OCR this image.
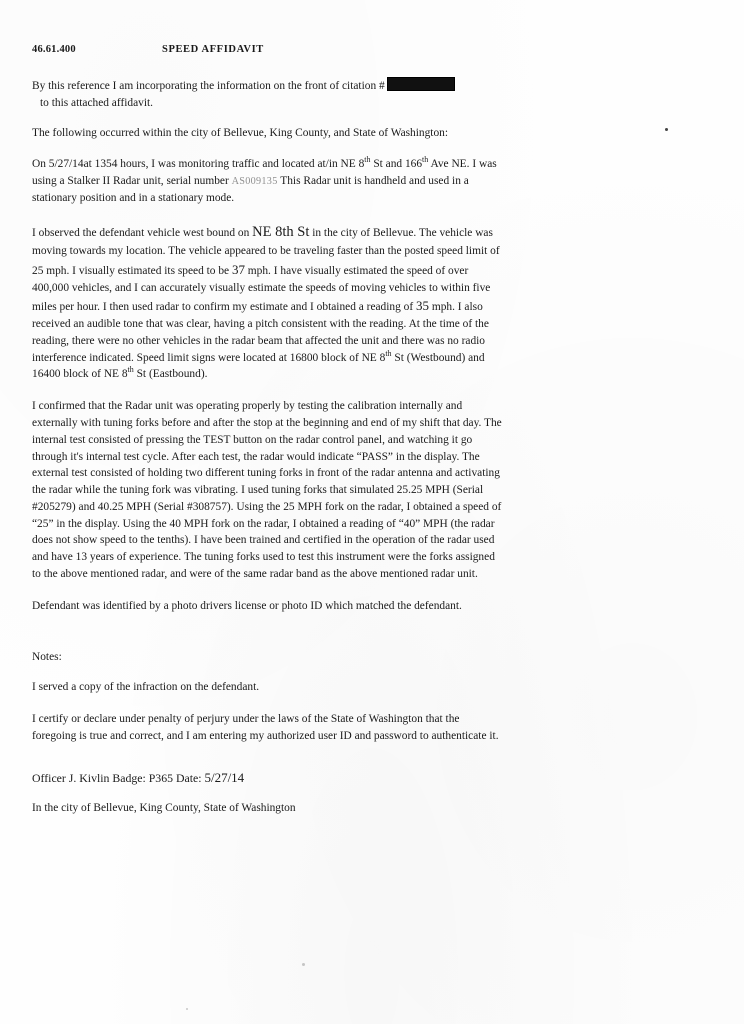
46.61.400	SPEED AFFIDAVIT

By this reference I am incorporating the information on the front of citation #
to this attached affidavit.

The following occurred within the city of Bellevue, King County, and State of Washington:

On 5/27/14at 1354 hours, I was monitoring traffic and located at/in NE 8th St and 166th Ave NE. I was using a Stalker II Radar unit, serial number AS009135 This Radar unit is handheld and used in a stationary position and in a stationary mode.

I observed the defendant vehicle west bound on NE 8th St in the city of Bellevue. The vehicle was moving towards my location. The vehicle appeared to be traveling faster than the posted speed limit of 25 mph. I visually estimated its speed to be 37 mph. I have visually estimated the speed of over 400,000 vehicles, and I can accurately visually estimate the speeds of moving vehicles to within five miles per hour. I then used radar to confirm my estimate and I obtained a reading of 35 mph. I also received an audible tone that was clear, having a pitch consistent with the reading. At the time of the reading, there were no other vehicles in the radar beam that affected the unit and there was no radio interference indicated. Speed limit signs were located at 16800 block of NE 8th St (Westbound) and 16400 block of NE 8th St (Eastbound).

I confirmed that the Radar unit was operating properly by testing the calibration internally and externally with tuning forks before and after the stop at the beginning and end of my shift that day. The internal test consisted of pressing the TEST button on the radar control panel, and watching it go through it's internal test cycle. After each test, the radar would indicate “PASS” in the display. The external test consisted of holding two different tuning forks in front of the radar antenna and activating the radar while the tuning fork was vibrating. I used tuning forks that simulated 25.25 MPH (Serial #205279) and 40.25 MPH (Serial #308757). Using the 25 MPH fork on the radar, I obtained a speed of “25” in the display. Using the 40 MPH fork on the radar, I obtained a reading of “40” MPH (the radar does not show speed to the tenths). I have been trained and certified in the operation of the radar used and have 13 years of experience. The tuning forks used to test this instrument were the forks assigned to the above mentioned radar, and were of the same radar band as the above mentioned radar unit.

Defendant was identified by a photo drivers license or photo ID which matched the defendant.

Notes:

I served a copy of the infraction on the defendant.

I certify or declare under penalty of perjury under the laws of the State of Washington that the foregoing is true and correct, and I am entering my authorized user ID and password to authenticate it.

Officer J. Kivlin Badge: P365 Date: 5/27/14

In the city of Bellevue, King County, State of Washington
